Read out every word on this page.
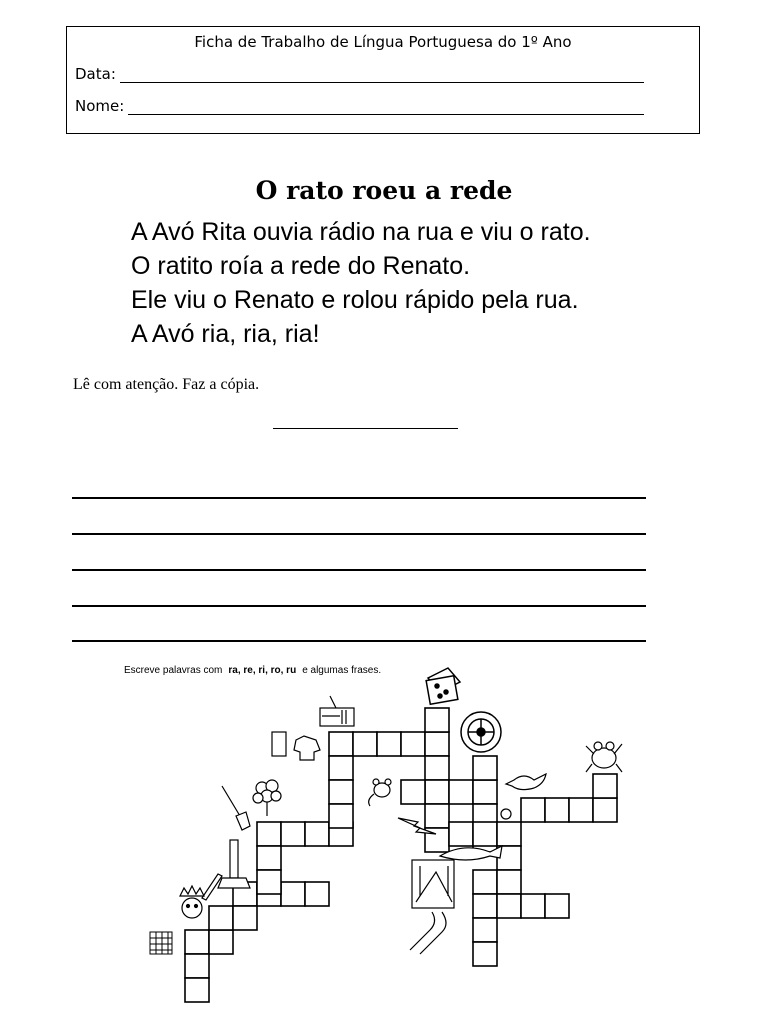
Ficha de Trabalho de Língua Portuguesa do 1º Ano
Data:
Nome:
O rato roeu a rede
A Avó Rita ouvia rádio na rua e viu o rato.
O ratito roía a rede do Renato.
Ele viu o Renato e rolou rápido pela rua.
A Avó ria, ria, ria!
Lê com atenção. Faz a cópia.
Escreve palavras com ra, re, ri, ro, ru e algumas frases.
